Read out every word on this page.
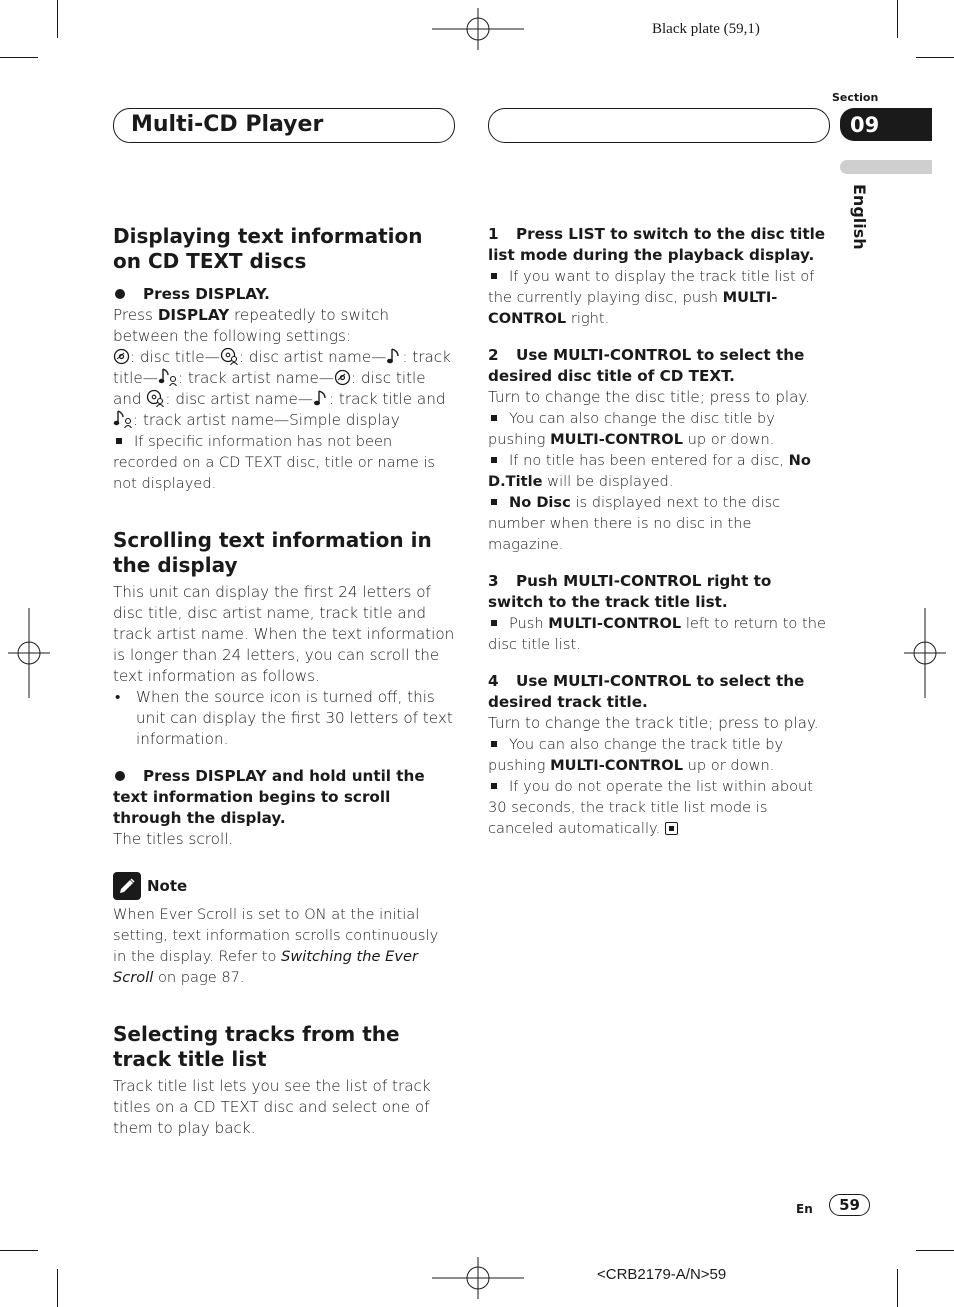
Black plate (59,1)
Section
09
English
Multi-CD Player
Displaying text information on CD TEXT discs

Press DISPLAY.

Press DISPLAY repeatedly to switch between the following settings:

: disc title— : disc artist name— : track title— : track artist name— : disc title and : disc artist name— : track title and : track artist name—Simple display

If specific information has not been recorded on a CD TEXT disc, title or name is not displayed.

Scrolling text information in the display

This unit can display the first 24 letters of disc title, disc artist name, track title and track artist name. When the text information is longer than 24 letters, you can scroll the text information as follows.

• When the source icon is turned off, this unit can display the first 30 letters of text information.

Press DISPLAY and hold until the text information begins to scroll through the display.

The titles scroll.

Note

When Ever Scroll is set to ON at the initial setting, text information scrolls continuously in the display. Refer to Switching the Ever Scroll on page 87.

Selecting tracks from the track title list

Track title list lets you see the list of track titles on a CD TEXT disc and select one of them to play back.

1 Press LIST to switch to the disc title list mode during the playback display.

If you want to display the track title list of the currently playing disc, push MULTI-CONTROL right.

2 Use MULTI-CONTROL to select the desired disc title of CD TEXT.

Turn to change the disc title; press to play.

You can also change the disc title by pushing MULTI-CONTROL up or down.

If no title has been entered for a disc, No D.Title will be displayed.

No Disc is displayed next to the disc number when there is no disc in the magazine.

3 Push MULTI-CONTROL right to switch to the track title list.

Push MULTI-CONTROL left to return to the disc title list.

4 Use MULTI-CONTROL to select the desired track title.

Turn to change the track title; press to play.

You can also change the track title by pushing MULTI-CONTROL up or down.

If you do not operate the list within about 30 seconds, the track title list mode is canceled automatically.

En	59
<CRB2179-A/N>59
